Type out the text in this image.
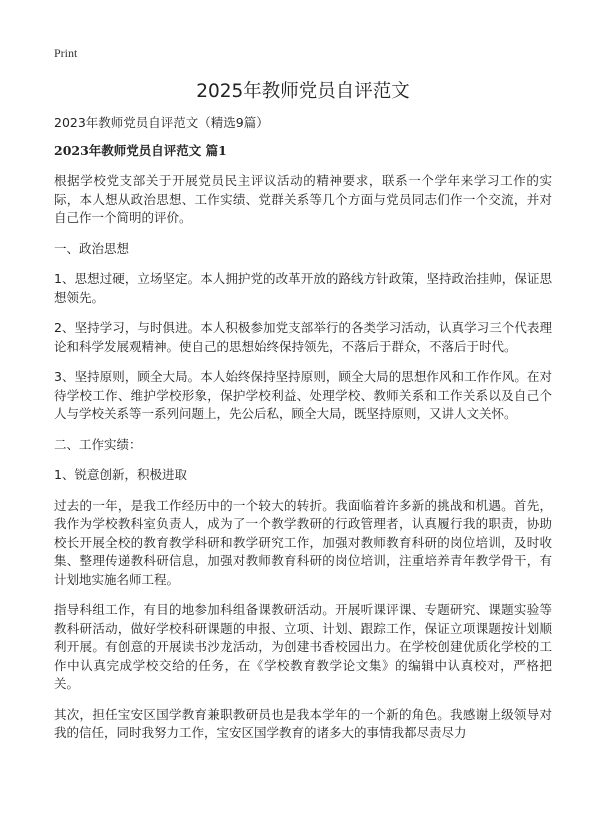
Print
2025年教师党员自评范文
2023年教师党员自评范文（精选9篇）
2023年教师党员自评范文 篇1

根据学校党支部关于开展党员民主评议活动的精神要求，联系一个学年来学习工作的实际，本人想从政治思想、工作实绩、党群关系等几个方面与党员同志们作一个交流，并对自己作一个简明的评价。

一、政治思想

1、思想过硬，立场坚定。本人拥护党的改革开放的路线方针政策，坚持政治挂帅，保证思想领先。

2、坚持学习，与时俱进。本人积极参加党支部举行的各类学习活动，认真学习三个代表理论和科学发展观精神。使自己的思想始终保持领先，不落后于群众，不落后于时代。

3、坚持原则，顾全大局。本人始终保持坚持原则，顾全大局的思想作风和工作作风。在对待学校工作、维护学校形象，保护学校利益、处理学校、教师关系和工作关系以及自己个人与学校关系等一系列问题上，先公后私，顾全大局，既坚持原则，又讲人文关怀。

二、工作实绩：

1、锐意创新，积极进取

过去的一年，是我工作经历中的一个较大的转折。我面临着许多新的挑战和机遇。首先，我作为学校教科室负责人，成为了一个教学教研的行政管理者，认真履行我的职责，协助校长开展全校的教育教学科研和教学研究工作，加强对教师教育科研的岗位培训，及时收集、整理传递教科研信息，加强对教师教育科研的岗位培训，注重培养青年教学骨干，有计划地实施名师工程。

指导科组工作，有目的地参加科组备课教研活动。开展听课评课、专题研究、课题实验等教科研活动，做好学校科研课题的申报、立项、计划、跟踪工作，保证立项课题按计划顺利开展。有创意的开展读书沙龙活动，为创建书香校园出力。在学校创建优质化学校的工作中认真完成学校交给的任务，在《学校教育教学论文集》的编辑中认真校对，严格把关。

其次，担任宝安区国学教育兼职教研员也是我本学年的一个新的角色。我感谢上级领导对我的信任，同时我努力工作，宝安区国学教育的诸多大的事情我都尽责尽力
